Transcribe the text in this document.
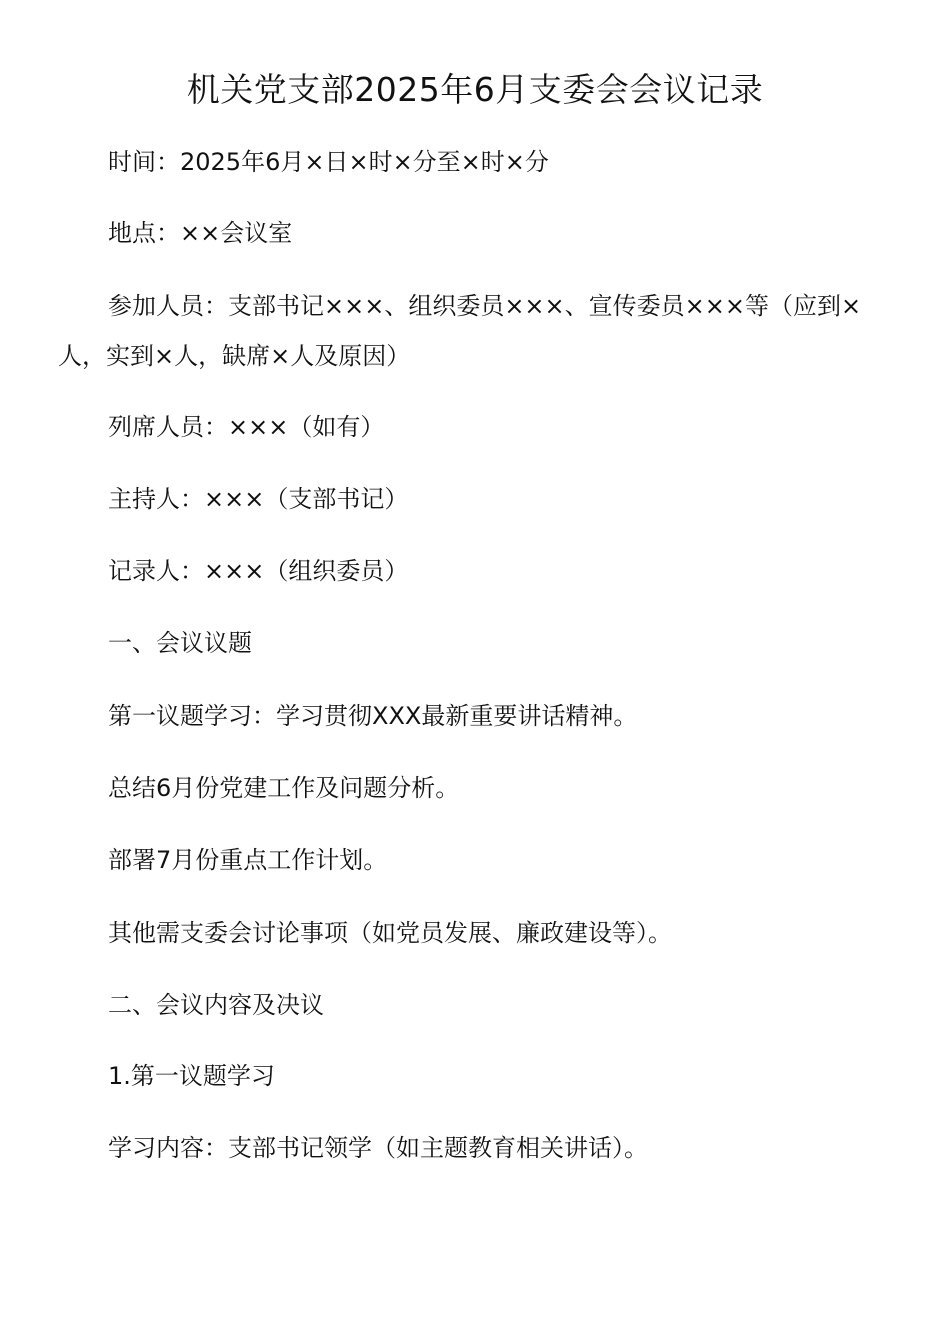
机关党支部2025年6月支委会会议记录

时间：2025年6月×日×时×分至×时×分

地点：××会议室

参加人员：支部书记×××、组织委员×××、宣传委员×××等（应到×人，实到×人，缺席×人及原因）

列席人员：×××（如有）

主持人：×××（支部书记）

记录人：×××（组织委员）

一、会议议题

第一议题学习：学习贯彻XXX最新重要讲话精神。

总结6月份党建工作及问题分析。

部署7月份重点工作计划。

其他需支委会讨论事项（如党员发展、廉政建设等）。

二、会议内容及决议

1.第一议题学习

学习内容：支部书记领学（如主题教育相关讲话）。
